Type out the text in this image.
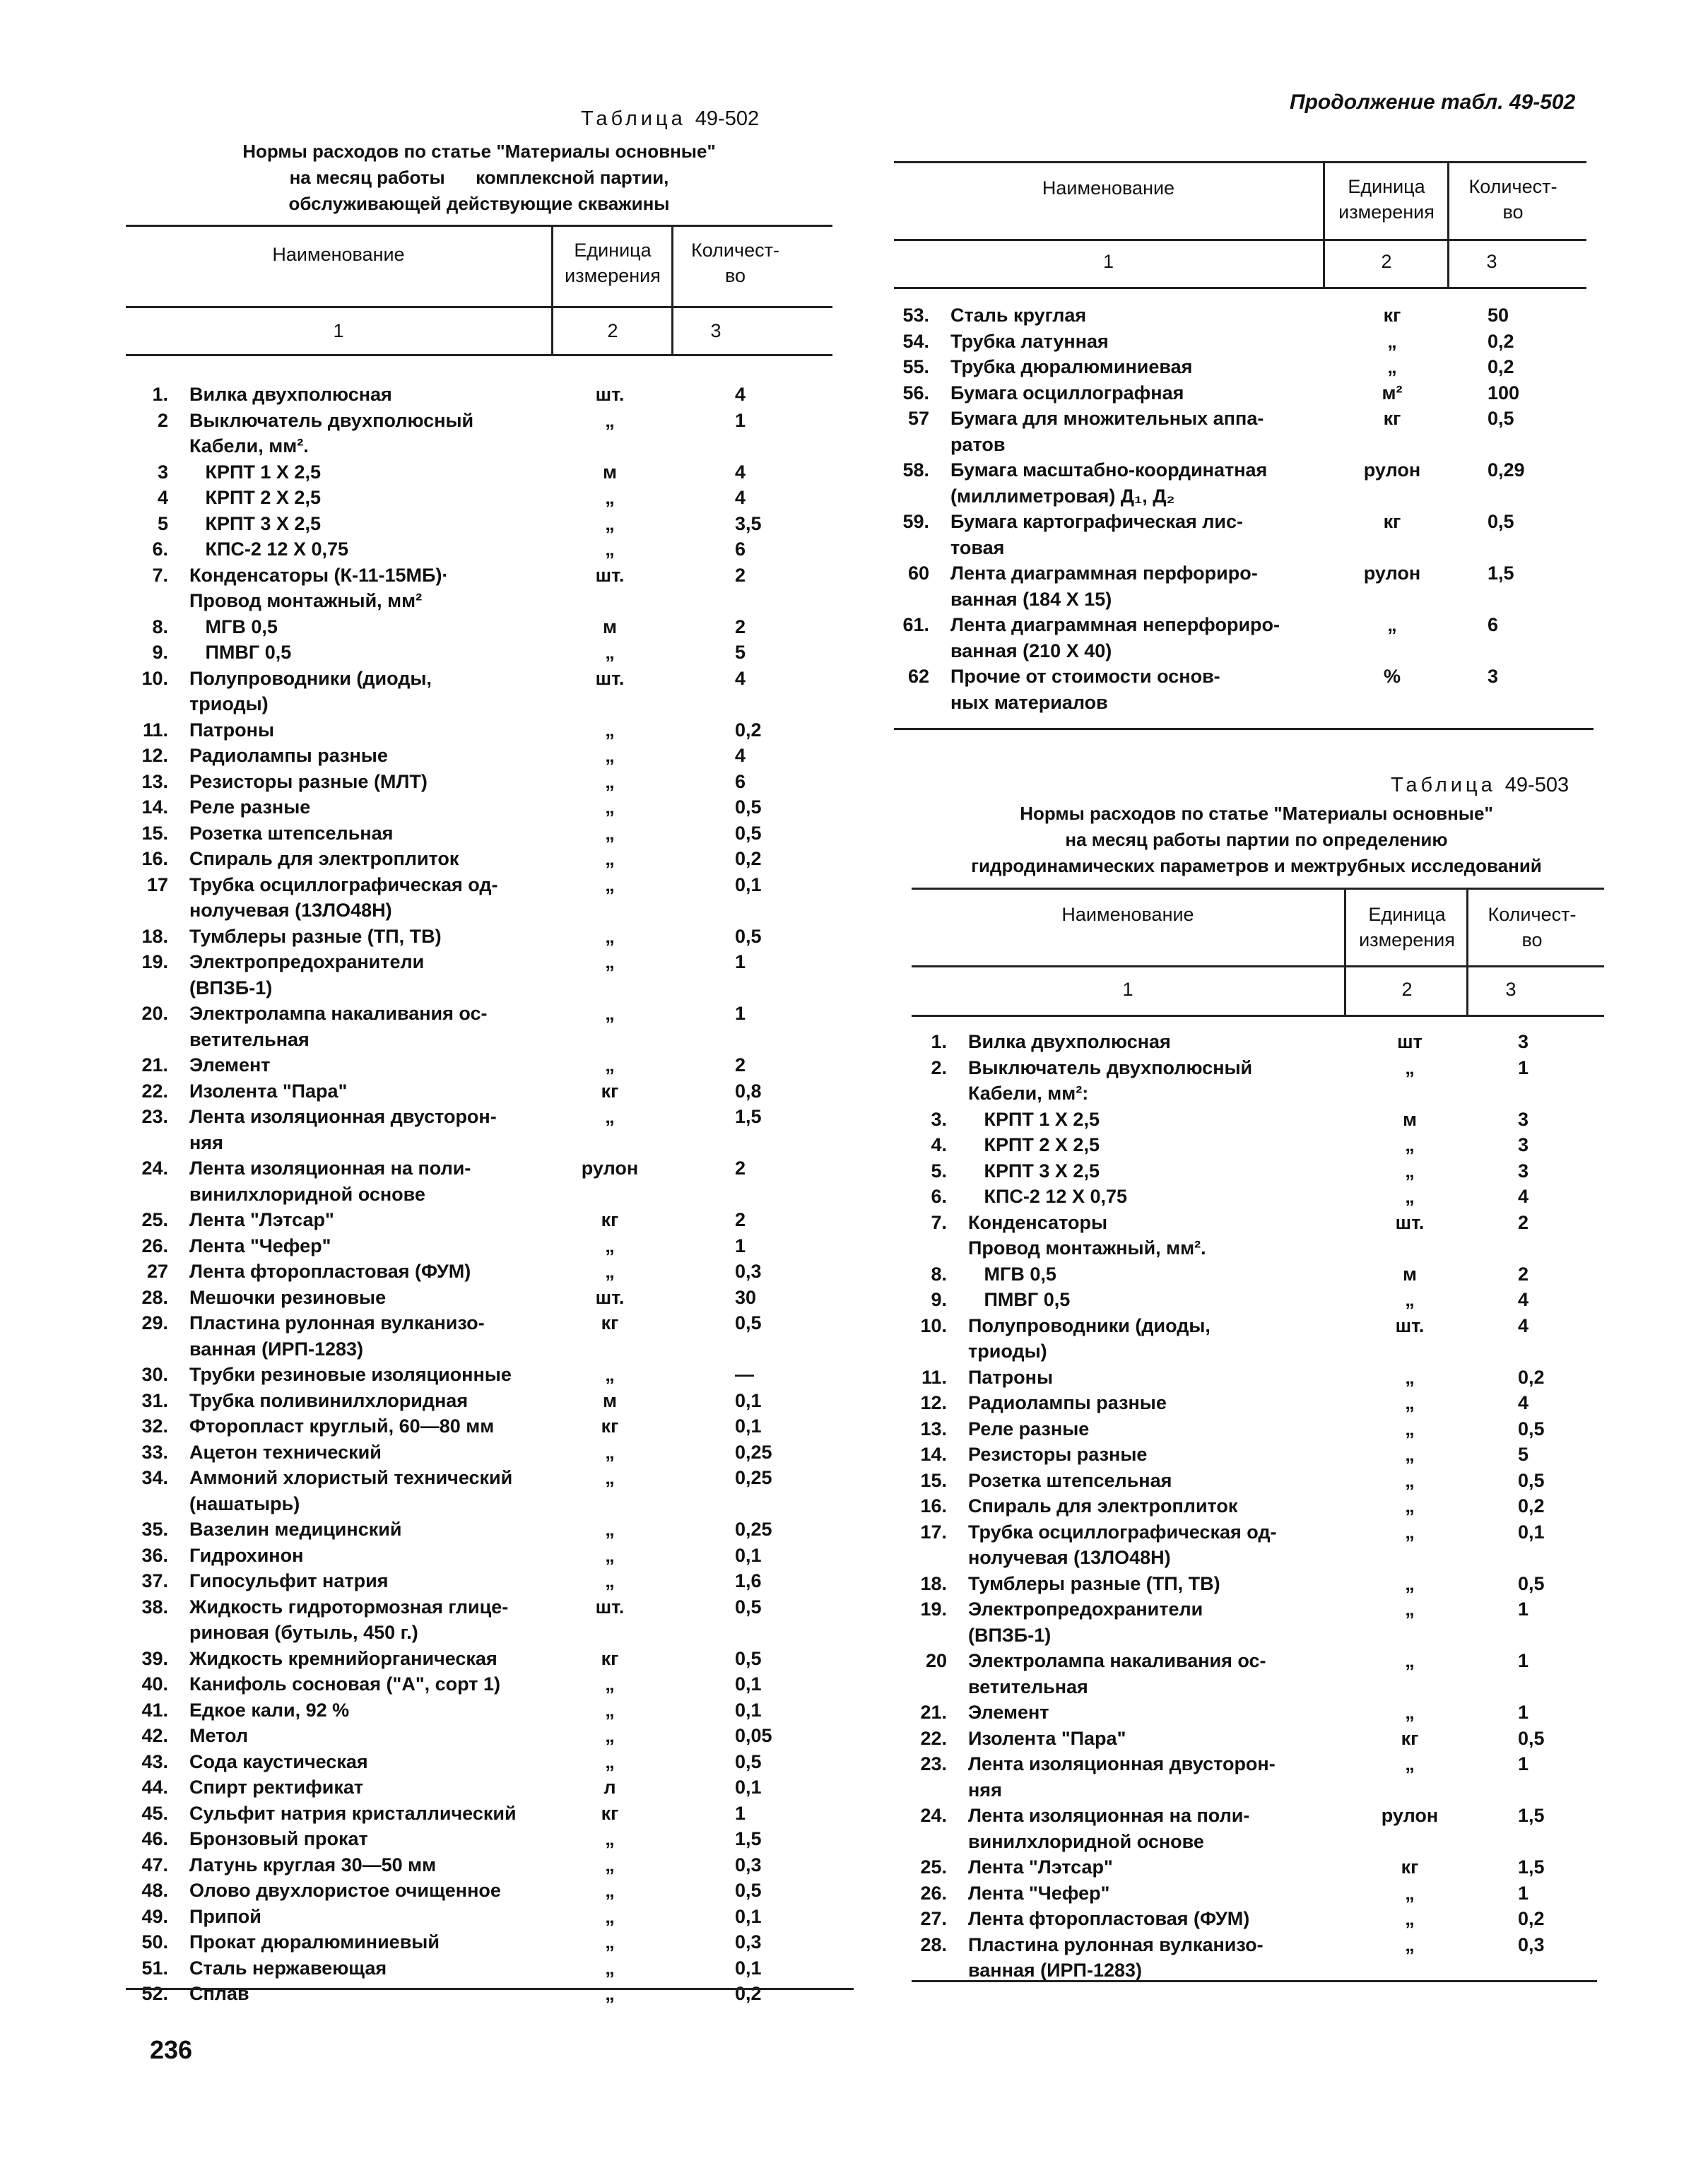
Таблица 49-502
Нормы расходов по статье "Материалы основные"
на месяц работы      комплексной партии,
обслуживающей действующие скважины
Наименование	Единица
измерения
Количест-
во
1	2	3
1. Вилка двухполюсная	шт.	4
2 Выключатель двухполюсный	„	1
Кабели, мм².
3 КРПТ 1 Х 2,5	м	4
4 КРПТ 2 Х 2,5	„	4
5 КРПТ 3 Х 2,5	„	3,5
6. КПС-2 12 Х 0,75	„	6
7. Конденсаторы (К-11-15МБ)·	шт.	2
Провод монтажный, мм²
8. МГВ 0,5	м	2
9. ПМВГ 0,5	„	5
10. Полупроводники (диоды,
триоды)
шт.	4
11. Патроны	„	0,2
12. Радиолампы разные	„	4
13. Резисторы разные (МЛТ)	„	6
14. Реле разные	„	0,5
15. Розетка штепсельная	„	0,5
16. Спираль для электроплиток	„	0,2
17 Трубка осциллографическая од-
нолучевая (13ЛО48Н)
„	0,1
18. Тумблеры разные (ТП, ТВ)	„	0,5
19. Электропредохранители
(ВПЗБ-1)
„	1
20. Электролампа накаливания ос-
ветительная
„	1
21. Элемент	„	2
22. Изолента "Пара"	кг	0,8
23. Лента изоляционная двусторон-
няя
„	1,5
24. Лента изоляционная на поли-
винилхлоридной основе
рулон	2
25. Лента "Лэтсар"	кг	2
26. Лента "Чефер"	„	1
27 Лента фторопластовая (ФУМ)	„	0,3
28. Мешочки резиновые	шт.	30
29. Пластина рулонная вулканизо-
ванная (ИРП-1283)
кг	0,5
30. Трубки резиновые изоляционные	„	—
31. Трубка поливинилхлоридная	м	0,1
32. Фторопласт круглый, 60—80 мм	кг	0,1
33. Ацетон технический	„	0,25
34. Аммоний хлористый технический
(нашатырь)
„	0,25
35. Вазелин медицинский	„	0,25
36. Гидрохинон	„	0,1
37. Гипосульфит натрия	„	1,6
38. Жидкость гидротормозная глице-
риновая (бутыль, 450 г.)
шт.	0,5
39. Жидкость кремнийорганическая	кг	0,5
40. Канифоль сосновая ("А", сорт 1)	„	0,1
41. Едкое кали, 92 %	„	0,1
42. Метол	„	0,05
43. Сода каустическая	„	0,5
44. Спирт ректификат	л	0,1
45. Сульфит натрия кристаллический	кг	1
46. Бронзовый прокат	„	1,5
47. Латунь круглая 30—50 мм	„	0,3
48. Олово двухлористое очищенное	„	0,5
49. Припой	„	0,1
50. Прокат дюралюминиевый	„	0,3
51. Сталь нержавеющая	„	0,1
52. Сплав	„	0,2
Продолжение табл. 49-502
Наименование	Единица
измерения
Количест-
во
1	2	3
53. Сталь круглая	кг	50
54. Трубка латунная	„	0,2
55. Трубка дюралюминиевая	„	0,2
56. Бумага осциллографная	м²	100
57 Бумага для множительных аппа-
ратов
кг	0,5
58. Бумага масштабно-координатная
(миллиметровая) Д₁, Д₂
рулон	0,29
59. Бумага картографическая лис-
товая
кг	0,5
60 Лента диаграммная перфориро-
ванная (184 Х 15)
рулон	1,5
61. Лента диаграммная неперфориро-
ванная (210 Х 40)
„	6
62 Прочие от стоимости основ-
ных материалов
%	3
Таблица 49-503
Нормы расходов по статье "Материалы основные"
на месяц работы партии по определению
гидродинамических параметров и межтрубных исследований
Наименование	Единица
измерения
Количест-
во
1	2	3
1. Вилка двухполюсная	шт	3
2. Выключатель двухполюсный	„	1
Кабели, мм²:
3. КРПТ 1 Х 2,5	м	3
4. КРПТ 2 Х 2,5	„	3
5. КРПТ 3 Х 2,5	„	3
6. КПС-2 12 Х 0,75	„	4
7. Конденсаторы	шт.	2
Провод монтажный, мм².
8. МГВ 0,5	м	2
9. ПМВГ 0,5	„	4
10. Полупроводники (диоды,
триоды)
шт.	4
11. Патроны	„	0,2
12. Радиолампы разные	„	4
13. Реле разные	„	0,5
14. Резисторы разные	„	5
15. Розетка штепсельная	„	0,5
16. Спираль для электроплиток	„	0,2
17. Трубка осциллографическая од-
нолучевая (13ЛО48Н)
„	0,1
18. Тумблеры разные (ТП, ТВ)	„	0,5
19. Электропредохранители
(ВПЗБ-1)
„	1
20 Электролампа накаливания ос-
ветительная
„	1
21. Элемент	„	1
22. Изолента "Пара"	кг	0,5
23. Лента изоляционная двусторон-
няя
„	1
24. Лента изоляционная на поли-
винилхлоридной основе
рулон	1,5
25. Лента "Лэтсар"	кг	1,5
26. Лента "Чефер"	„	1
27. Лента фторопластовая (ФУМ)	„	0,2
28. Пластина рулонная вулканизо-
ванная (ИРП-1283)
„	0,3
236
